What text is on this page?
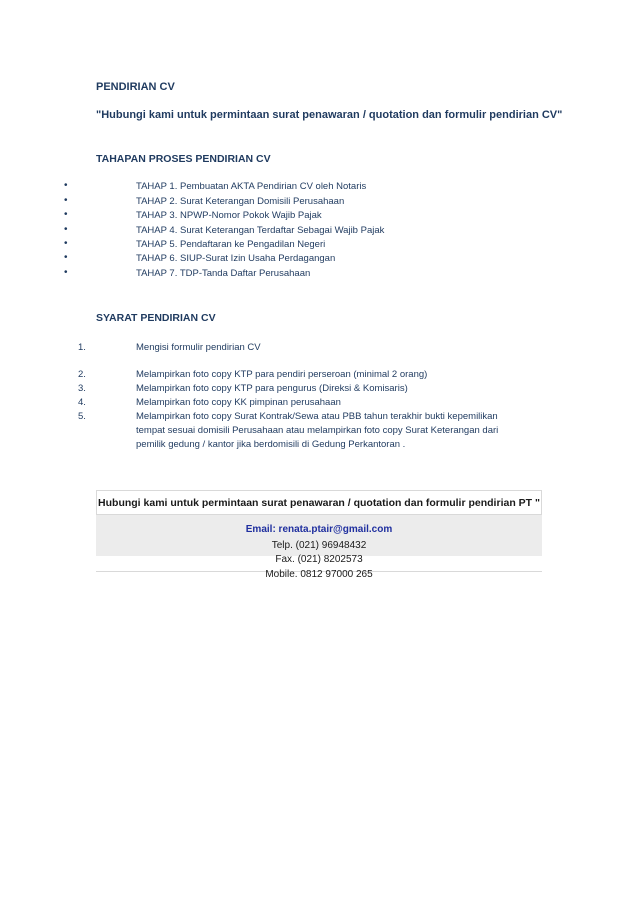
PENDIRIAN CV
"Hubungi kami untuk permintaan surat penawaran / quotation dan formulir pendirian CV"
TAHAPAN PROSES PENDIRIAN CV
•	TAHAP 1. Pembuatan AKTA Pendirian CV oleh Notaris
•	TAHAP 2. Surat Keterangan Domisili Perusahaan
•	TAHAP 3. NPWP-Nomor Pokok Wajib Pajak
•	TAHAP 4. Surat Keterangan Terdaftar Sebagai Wajib Pajak
•	TAHAP 5. Pendaftaran ke Pengadilan Negeri
•	TAHAP 6. SIUP-Surat Izin Usaha Perdagangan
•	TAHAP 7. TDP-Tanda Daftar Perusahaan
SYARAT PENDIRIAN CV
1.	Mengisi formulir pendirian CV
2.	Melampirkan foto copy KTP para pendiri perseroan (minimal 2 orang)
3.	Melampirkan foto copy KTP para pengurus (Direksi & Komisaris)
4.	Melampirkan foto copy KK pimpinan perusahaan
5.	Melampirkan foto copy Surat Kontrak/Sewa atau PBB tahun terakhir bukti kepemilikan
tempat sesuai domisili Perusahaan atau melampirkan foto copy Surat Keterangan dari
pemilik gedung / kantor jika berdomisili di Gedung Perkantoran .
Hubungi kami untuk permintaan surat penawaran / quotation dan formulir pendirian PT "
Email: renata.ptair@gmail.com
Telp. (021) 96948432
Fax. (021) 8202573
Mobile. 0812 97000 265
